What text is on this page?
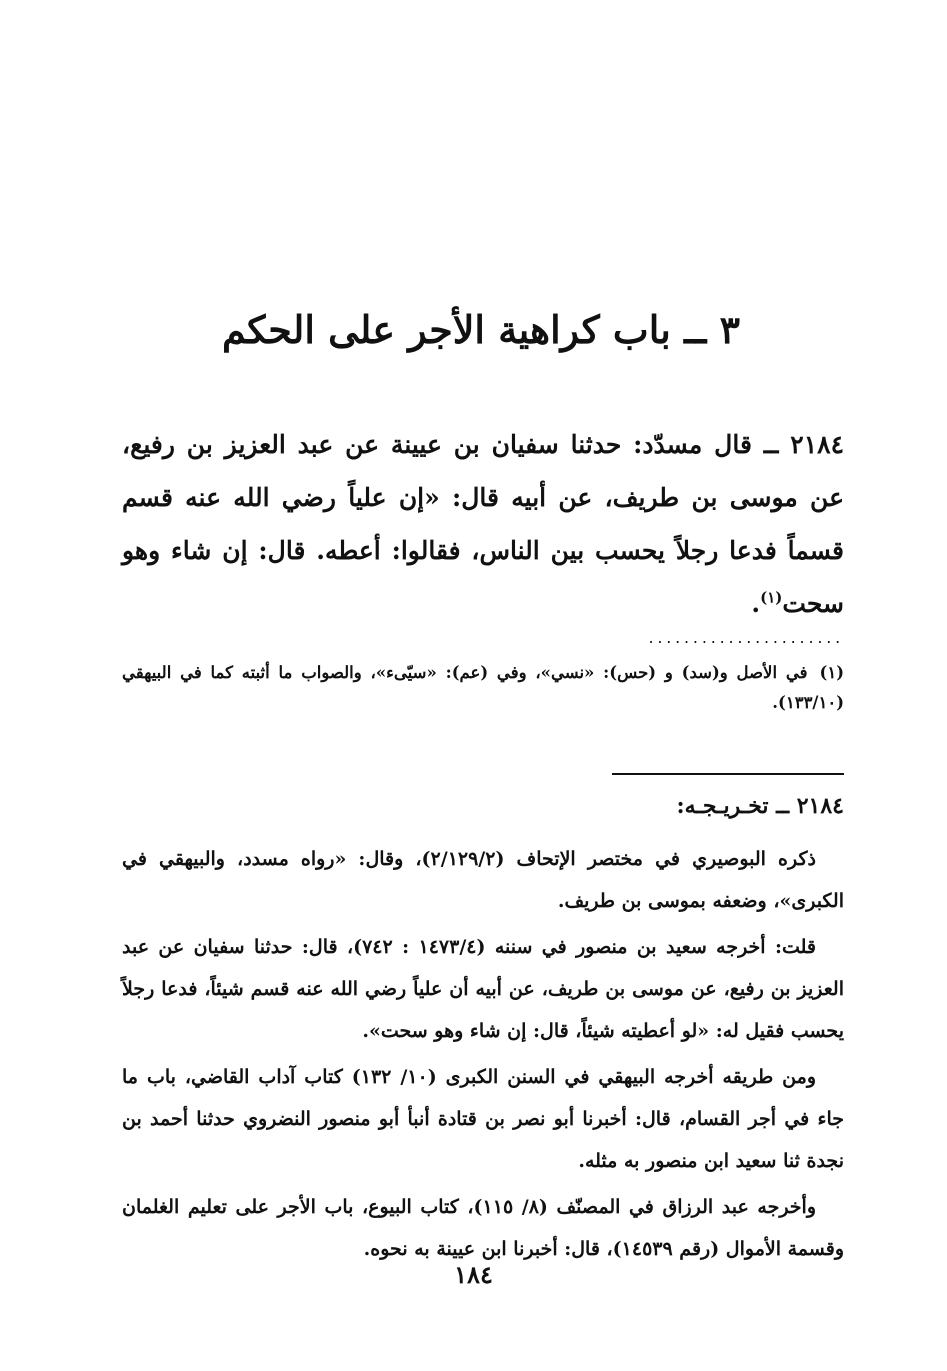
٣ ــ باب كراهية الأجر على الحكم
٢١٨٤ ــ قال مسدّد: حدثنا سفيان بن عيينة عن عبد العزيز بن رفيع، عن موسى بن طريف، عن أبيه قال: «إن علياً رضي الله عنه قسم قسماً فدعا رجلاً يحسب بين الناس، فقالوا: أعطه. قال: إن شاء وهو سحت$^{(١)}$.
......................
(١)في الأصل و(سد) و (حس): «نسي»، وفي (عم): «سيّىء»، والصواب ما أثبته كما في البيهقي (١٣٣/١٠).
٢١٨٤ ــ تخـريـجـه:

ذكره البوصيري في مختصر الإتحاف (٢/١٢٩/٢)، وقال: «رواه مسدد، والبيهقي في الكبرى»، وضعفه بموسى بن طريف.

قلت: أخرجه سعيد بن منصور في سننه (١٤٧٣/٤ : ٧٤٢)، قال: حدثنا سفيان عن عبد العزيز بن رفيع، عن موسى بن طريف، عن أبيه أن علياً رضي الله عنه قسم شيئاً، فدعا رجلاً يحسب فقيل له: «لو أعطيته شيئاً، قال: إن شاء وهو سحت».

ومن طريقه أخرجه البيهقي في السنن الكبرى (١٠/ ١٣٢) كتاب آداب القاضي، باب ما جاء في أجر القسام، قال: أخبرنا أبو نصر بن قتادة أنبأ أبو منصور النضروي حدثنا أحمد بن نجدة ثنا سعيد ابن منصور به مثله.

وأخرجه عبد الرزاق في المصنّف (٨/ ١١٥)، كتاب البيوع، باب الأجر على تعليم الغلمان وقسمة الأموال (رقم ١٤٥٣٩)، قال: أخبرنا ابن عيينة به نحوه.

١٨٤
